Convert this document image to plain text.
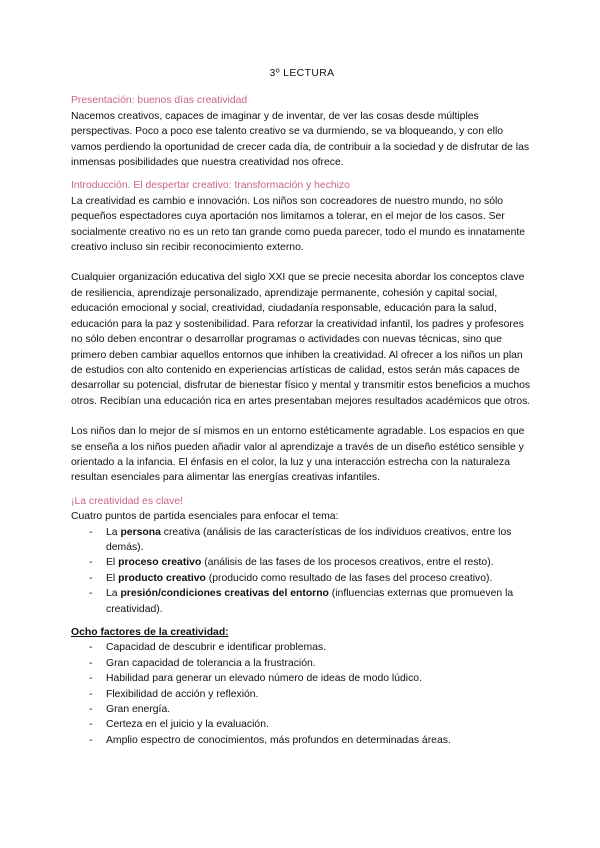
3º LECTURA

Presentación: buenos días creatividad

Nacemos creativos, capaces de imaginar y de inventar, de ver las cosas desde múltiples perspectivas. Poco a poco ese talento creativo se va durmiendo, se va bloqueando, y con ello vamos perdiendo la oportunidad de crecer cada día, de contribuir a la sociedad y de disfrutar de las inmensas posibilidades que nuestra creatividad nos ofrece.

Introducción. El despertar creativo: transformación y hechizo

La creatividad es cambio e innovación. Los niños son cocreadores de nuestro mundo, no sólo pequeños espectadores cuya aportación nos limitamos a tolerar, en el mejor de los casos. Ser socialmente creativo no es un reto tan grande como pueda parecer, todo el mundo es innatamente creativo incluso sin recibir reconocimiento externo.

Cualquier organización educativa del siglo XXI que se precie necesita abordar los conceptos clave de resiliencia, aprendizaje personalizado, aprendizaje permanente, cohesión y capital social, educación emocional y social, creatividad, ciudadanía responsable, educación para la salud, educación para la paz y sostenibilidad. Para reforzar la creatividad infantil, los padres y profesores no sólo deben encontrar o desarrollar programas o actividades con nuevas técnicas, sino que primero deben cambiar aquellos entornos que inhiben la creatividad. Al ofrecer a los niños un plan de estudios con alto contenido en experiencias artísticas de calidad, estos serán más capaces de desarrollar su potencial, disfrutar de bienestar físico y mental y transmitir estos beneficios a muchos otros. Recibían una educación rica en artes presentaban mejores resultados académicos que otros.

Los niños dan lo mejor de sí mismos en un entorno estéticamente agradable. Los espacios en que se enseña a los niños pueden añadir valor al aprendizaje a través de un diseño estético sensible y orientado a la infancia. El énfasis en el color, la luz y una interacción estrecha con la naturaleza resultan esenciales para alimentar las energías creativas infantiles.

¡La creatividad es clave!

Cuatro puntos de partida esenciales para enfocar el tema:

- La persona creativa (análisis de las características de los individuos creativos, entre los demás).
- El proceso creativo (análisis de las fases de los procesos creativos, entre el resto).
- El producto creativo (producido como resultado de las fases del proceso creativo).
- La presión/condiciones creativas del entorno (influencias externas que promueven la creatividad).

Ocho factores de la creatividad:

- Capacidad de descubrir e identificar problemas.
- Gran capacidad de tolerancia a la frustración.
- Habilidad para generar un elevado número de ideas de modo lúdico.
- Flexibilidad de acción y reflexión.
- Gran energía.
- Certeza en el juicio y la evaluación.
- Amplio espectro de conocimientos, más profundos en determinadas áreas.
